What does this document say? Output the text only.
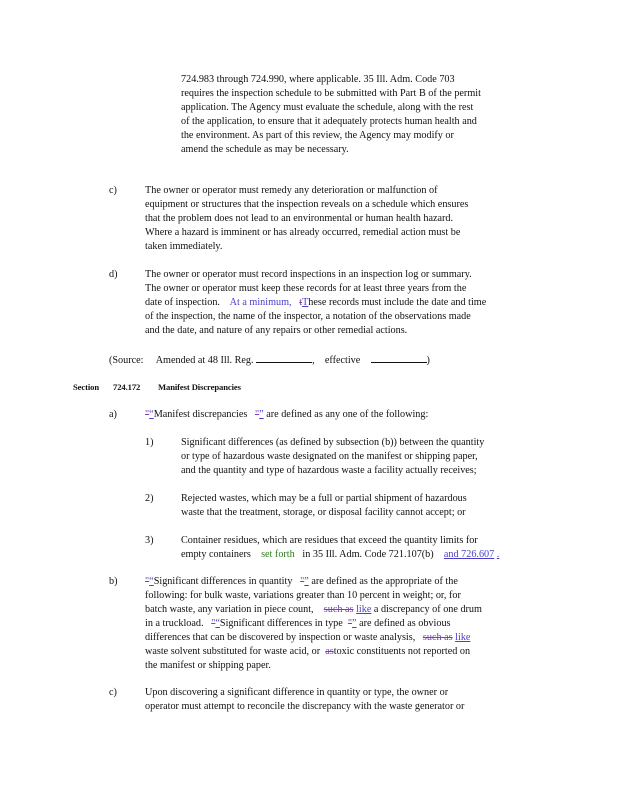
724.983 through 724.990, where applicable. 35 Ill. Adm. Code 703
requires the inspection schedule to be submitted with Part B of the permit
application. The Agency must evaluate the schedule, along with the rest
of the application, to ensure that it adequately protects human health and
the environment. As part of this review, the Agency may modify or
amend the schedule as may be necessary.
c)	The owner or operator must remedy any deterioration or malfunction of
equipment or structures that the inspection reveals on a schedule which ensures
that the problem does not lead to an environmental or human health hazard.
Where a hazard is imminent or has already occurred, remedial action must be
taken immediately.
d)	The owner or operator must record inspections in an inspection log or summary.
The owner or operator must keep these records for at least three years from the
date of inspection. At a minimum, tThese records must include the date and time
of the inspection, the name of the inspector, a notation of the observations made
and the date, and nature of any repairs or other remedial actions.
(Source: Amended at 48 Ill. Reg.	, effective	)
Section 724.172 Manifest Discrepancies
a)	"“Manifest discrepancies "” are defined as any one of the following:
1)	Significant differences (as defined by subsection (b)) between the quantity
or type of hazardous waste designated on the manifest or shipping paper,
and the quantity and type of hazardous waste a facility actually receives;
2)	Rejected wastes, which may be a full or partial shipment of hazardous
waste that the treatment, storage, or disposal facility cannot accept; or
3)	Container residues, which are residues that exceed the quantity limits for
empty containers set forth in 35 Ill. Adm. Code 721.107(b) and 726.607 .
b)	"“Significant differences in quantity "” are defined as the appropriate of the
following: for bulk waste, variations greater than 10 percent in weight; or, for
batch waste, any variation in piece count, such as like a discrepancy of one drum
in a truckload. "“Significant differences in type "” are defined as obvious
differences that can be discovered by inspection or waste analysis, such as like
waste solvent substituted for waste acid, or astoxic constituents not reported on
the manifest or shipping paper.
c)	Upon discovering a significant difference in quantity or type, the owner or
operator must attempt to reconcile the discrepancy with the waste generator or
